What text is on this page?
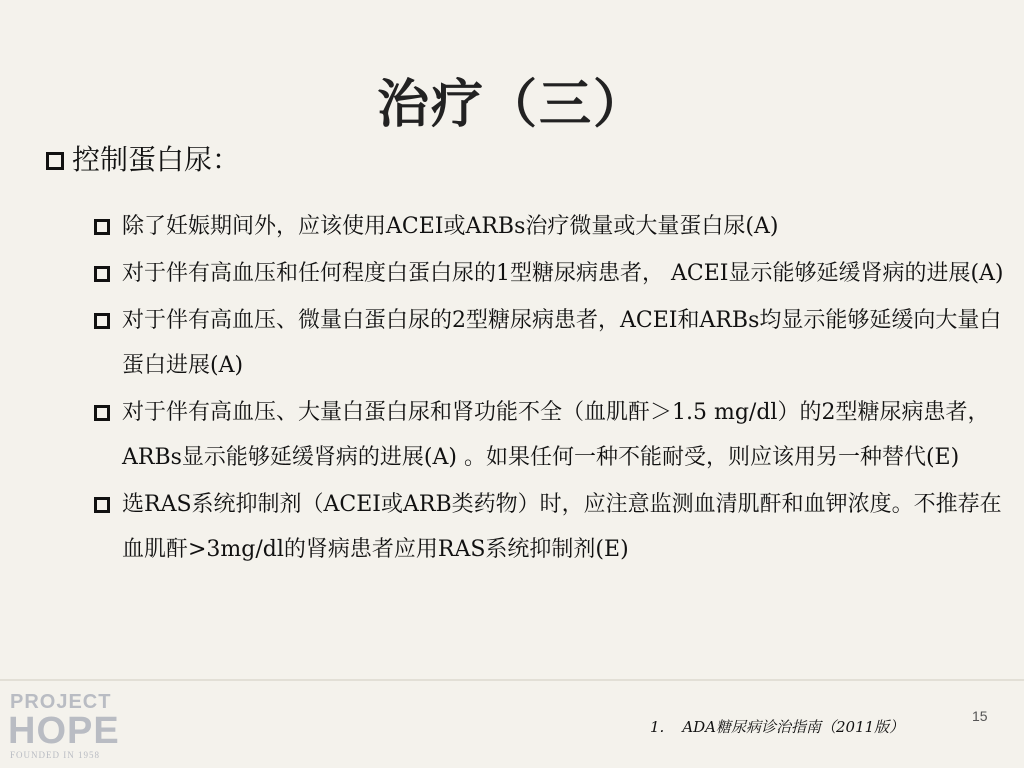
治疗（三）
控制蛋白尿：
除了妊娠期间外，应该使用ACEI或ARBs治疗微量或大量蛋白尿(A)
对于伴有高血压和任何程度白蛋白尿的1型糖尿病患者， ACEI显示能够延缓肾病的进展(A)
对于伴有高血压、微量白蛋白尿的2型糖尿病患者，ACEI和ARBs均显示能够延缓向大量白蛋白进展(A)
对于伴有高血压、大量白蛋白尿和肾功能不全（血肌酐＞1.5 mg/dl）的2型糖尿病患者，ARBs显示能够延缓肾病的进展(A) 。如果任何一种不能耐受，则应该用另一种替代(E)
选RAS系统抑制剂（ACEI或ARB类药物）时，应注意监测血清肌酐和血钾浓度。不推荐在血肌酐>3mg/dl的肾病患者应用RAS系统抑制剂(E)
PROJECT
HOPE
FOUNDED IN 1958
1. ADA糖尿病诊治指南（2011版）
15
